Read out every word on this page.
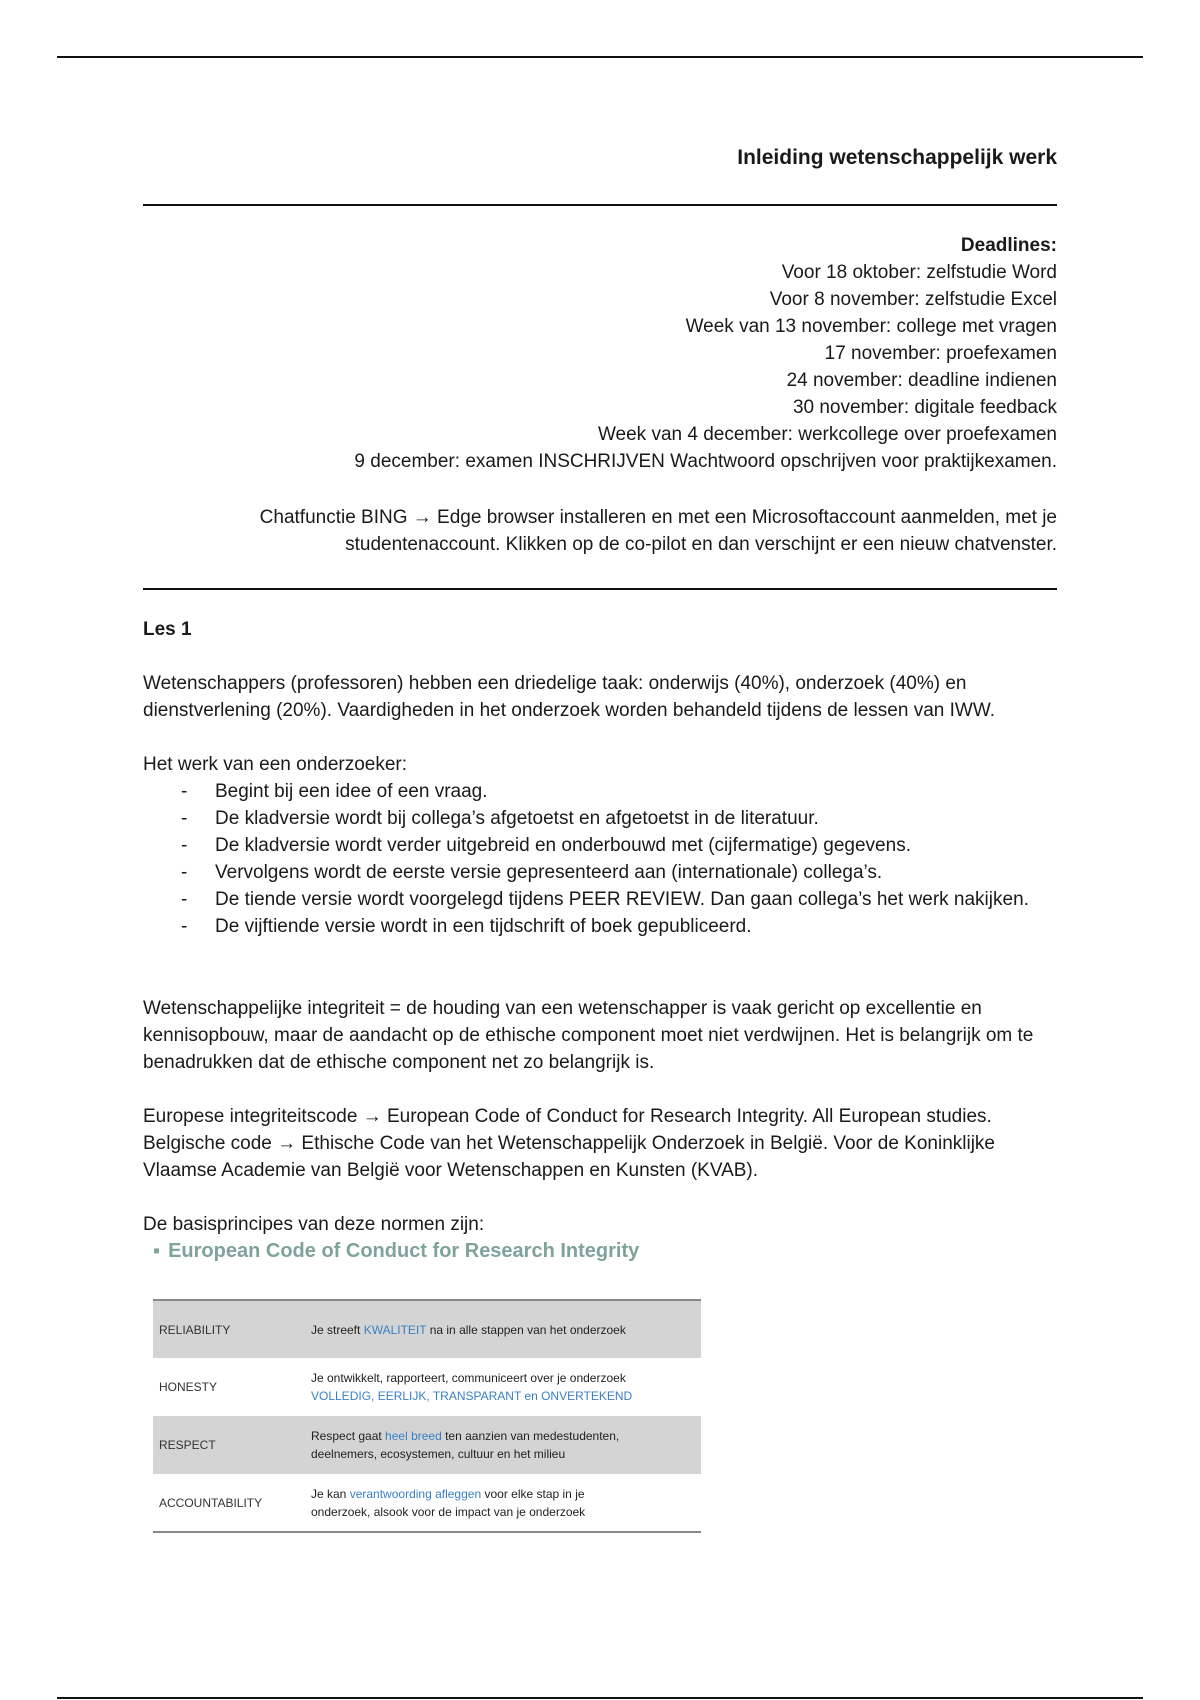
Inleiding wetenschappelijk werk
Deadlines:
Voor 18 oktober: zelfstudie Word
Voor 8 november: zelfstudie Excel
Week van 13 november: college met vragen
17 november: proefexamen
24 november: deadline indienen
30 november: digitale feedback
Week van 4 december: werkcollege over proefexamen
9 december: examen INSCHRIJVEN Wachtwoord opschrijven voor praktijkexamen.
Chatfunctie BING → Edge browser installeren en met een Microsoftaccount aanmelden, met je
studentenaccount. Klikken op de co-pilot en dan verschijnt er een nieuw chatvenster.
Les 1
Wetenschappers (professoren) hebben een driedelige taak: onderwijs (40%), onderzoek (40%) en dienstverlening (20%). Vaardigheden in het onderzoek worden behandeld tijdens de lessen van IWW.
Het werk van een onderzoeker:
- Begint bij een idee of een vraag.
- De kladversie wordt bij collega’s afgetoetst en afgetoetst in de literatuur.
- De kladversie wordt verder uitgebreid en onderbouwd met (cijfermatige) gegevens.
- Vervolgens wordt de eerste versie gepresenteerd aan (internationale) collega’s.
- De tiende versie wordt voorgelegd tijdens PEER REVIEW. Dan gaan collega’s het werk nakijken.
- De vijftiende versie wordt in een tijdschrift of boek gepubliceerd.
Wetenschappelijke integriteit = de houding van een wetenschapper is vaak gericht op excellentie en kennisopbouw, maar de aandacht op de ethische component moet niet verdwijnen. Het is belangrijk om te benadrukken dat de ethische component net zo belangrijk is.
Europese integriteitscode → European Code of Conduct for Research Integrity. All European studies.
Belgische code → Ethische Code van het Wetenschappelijk Onderzoek in België. Voor de Koninklijke Vlaamse Academie van België voor Wetenschappen en Kunsten (KVAB).
De basisprincipes van deze normen zijn:
▪ European Code of Conduct for Research Integrity
RELIABILITY	Je streeft KWALITEIT na in alle stappen van het onderzoek

HONESTY	Je ontwikkelt, rapporteert, communiceert over je onderzoek
VOLLEDIG, EERLIJK, TRANSPARANT en ONVERTEKEND

RESPECT	Respect gaat heel breed ten aanzien van medestudenten,
deelnemers, ecosystemen, cultuur en het milieu

ACCOUNTABILITY	Je kan verantwoording afleggen voor elke stap in je
onderzoek, alsook voor de impact van je onderzoek
